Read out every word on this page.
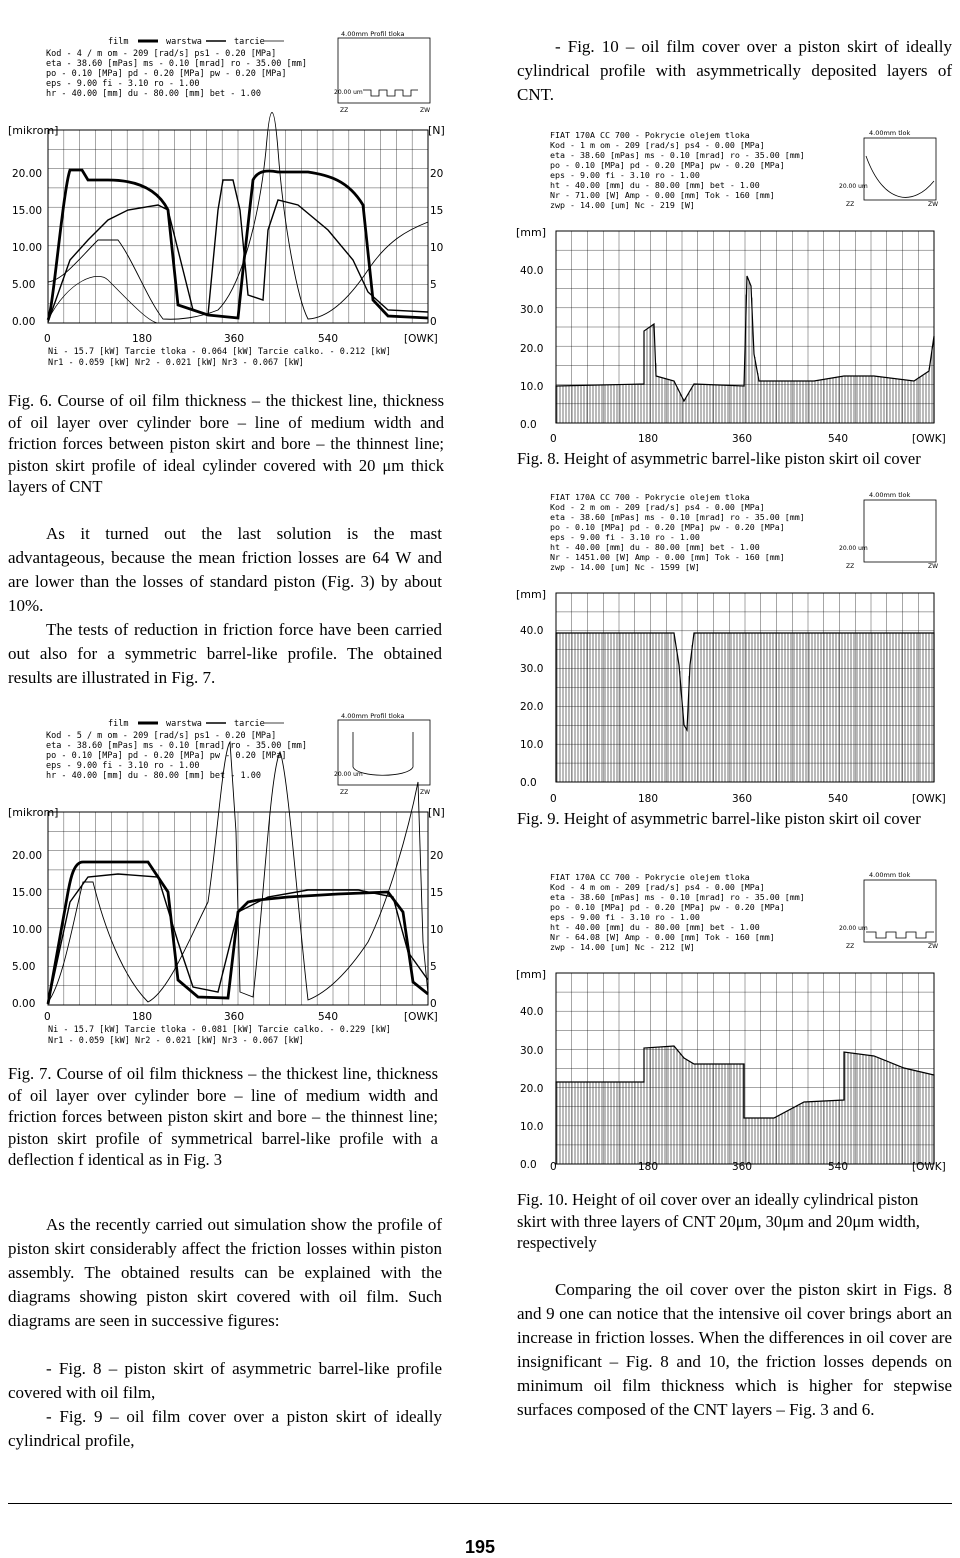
film	warstwa	tarcie
Kod - 4 / m om - 209 [rad/s] ps1 - 0.20 [MPa]
eta - 38.60 [mPas] ms - 0.10 [mrad] ro - 35.00 [mm]
po - 0.10 [MPa] pd - 0.20 [MPa] pw - 0.20 [MPa]
eps - 9.00 fi - 3.10 ro - 1.00
hr - 40.00 [mm] du - 80.00 [mm] bet - 1.00
4.00mm Profil tloka
20.00 um
ZZ	ZW
[mikrom]	[N]
20.00
15.00
10.00
5.00
0.00
20
15
10
5
0
0	180	360	540	[OWK]
Ni - 15.7 [kW] Tarcie tloka - 0.064 [kW] Tarcie calko. - 0.212 [kW]
Nr1 - 0.059 [kW] Nr2 - 0.021 [kW] Nr3 - 0.067 [kW]
Fig. 6. Course of oil film thickness – the thickest line, thickness of oil layer over cylinder bore – line of medium width and friction forces between piston skirt and bore – the thinnest line; piston skirt profile of ideal cylinder covered with 20 μm thick layers of CNT
As it turned out the last solution is the mast advantageous, because the mean friction losses are 64 W and are lower than the losses of standard piston (Fig. 3) by about 10%.
The tests of reduction in friction force have been carried out also for a symmetric barrel-like profile. The obtained results are illustrated in Fig. 7.
film	warstwa	tarcie
Kod - 5 / m om - 209 [rad/s] ps1 - 0.20 [MPa]
eta - 38.60 [mPas] ms - 0.10 [mrad] ro - 35.00 [mm]
po - 0.10 [MPa] pd - 0.20 [MPa] pw - 0.20 [MPa]
eps - 9.00 fi - 3.10 ro - 1.00
hr - 40.00 [mm] du - 80.00 [mm] bet - 1.00
4.00mm Profil tloka
20.00 um
ZZ	ZW
[mikrom]	[N]
20.00
15.00
10.00
5.00
0.00
20
15
10
5
0
0	180	360	540	[OWK]
Ni - 15.7 [kW] Tarcie tloka - 0.081 [kW] Tarcie calko. - 0.229 [kW]
Nr1 - 0.059 [kW] Nr2 - 0.021 [kW] Nr3 - 0.067 [kW]
Fig. 7. Course of oil film thickness – the thickest line, thickness of oil layer over cylinder bore – line of medium width and friction forces between piston skirt and bore – the thinnest line; piston skirt profile of symmetrical barrel-like profile with a deflection f identical as in Fig. 3
As the recently carried out simulation show the profile of piston skirt considerably affect the friction losses within piston assembly. The obtained results can be explained with the diagrams showing piston skirt covered with oil film. Such diagrams are seen in successive figures:
- Fig. 8 – piston skirt of asymmetric barrel-like profile covered with oil film,
- Fig. 9 – oil film cover over a piston skirt of ideally cylindrical profile,
- Fig. 10 – oil film cover over a piston skirt of ideally cylindrical profile with asymmetrically deposited layers of CNT.
FIAT 170A CC 700 - Pokrycie olejem tloka
Kod - 1 m om - 209 [rad/s] ps4 - 0.00 [MPa]
eta - 38.60 [mPas] ms - 0.10 [mrad] ro - 35.00 [mm]
po - 0.10 [MPa] pd - 0.20 [MPa] pw - 0.20 [MPa]
eps - 9.00 fi - 3.10 ro - 1.00
ht - 40.00 [mm] du - 80.00 [mm] bet - 1.00
Nr - 71.00 [W] Amp - 0.00 [mm] Tok - 160 [mm]
zwp - 14.00 [um] Nc - 219 [W]
4.00mm tlok
20.00 um
ZZ	ZW
[mm]
40.0
30.0
20.0
10.0
0.0
0	180	360	540	[OWK]
Fig. 8. Height of asymmetric barrel-like piston skirt oil cover
FIAT 170A CC 700 - Pokrycie olejem tloka
Kod - 2 m om - 209 [rad/s] ps4 - 0.00 [MPa]
eta - 38.60 [mPas] ms - 0.10 [mrad] ro - 35.00 [mm]
po - 0.10 [MPa] pd - 0.20 [MPa] pw - 0.20 [MPa]
eps - 9.00 fi - 3.10 ro - 1.00
ht - 40.00 [mm] du - 80.00 [mm] bet - 1.00
Nr - 1451.00 [W] Amp - 0.00 [mm] Tok - 160 [mm]
zwp - 14.00 [um] Nc - 1599 [W]
4.00mm tlok
20.00 um
ZZ	ZW
[mm]
40.0
30.0
20.0
10.0
0.0
0	180	360	540	[OWK]
Fig. 9. Height of asymmetric barrel-like piston skirt oil cover
FIAT 170A CC 700 - Pokrycie olejem tloka
Kod - 4 m om - 209 [rad/s] ps4 - 0.00 [MPa]
eta - 38.60 [mPas] ms - 0.10 [mrad] ro - 35.00 [mm]
po - 0.10 [MPa] pd - 0.20 [MPa] pw - 0.20 [MPa]
eps - 9.00 fi - 3.10 ro - 1.00
ht - 40.00 [mm] du - 80.00 [mm] bet - 1.00
Nr - 64.08 [W] Amp - 0.00 [mm] Tok - 160 [mm]
zwp - 14.00 [um] Nc - 212 [W]
4.00mm tlok
20.00 um
ZZ	ZW
[mm]
40.0
30.0
20.0
10.0
0.0 0	180	360	540	[OWK]
Fig. 10. Height of oil cover over an ideally cylindrical piston skirt with three layers of CNT 20μm, 30μm and 20μm width, respectively
Comparing the oil cover over the piston skirt in Figs. 8 and 9 one can notice that the intensive oil cover brings abort an increase in friction losses. When the differences in oil cover are insignificant – Fig. 8 and 10, the friction losses depends on minimum oil film thickness which is higher for stepwise surfaces composed of the CNT layers – Fig. 3 and 6.
195
